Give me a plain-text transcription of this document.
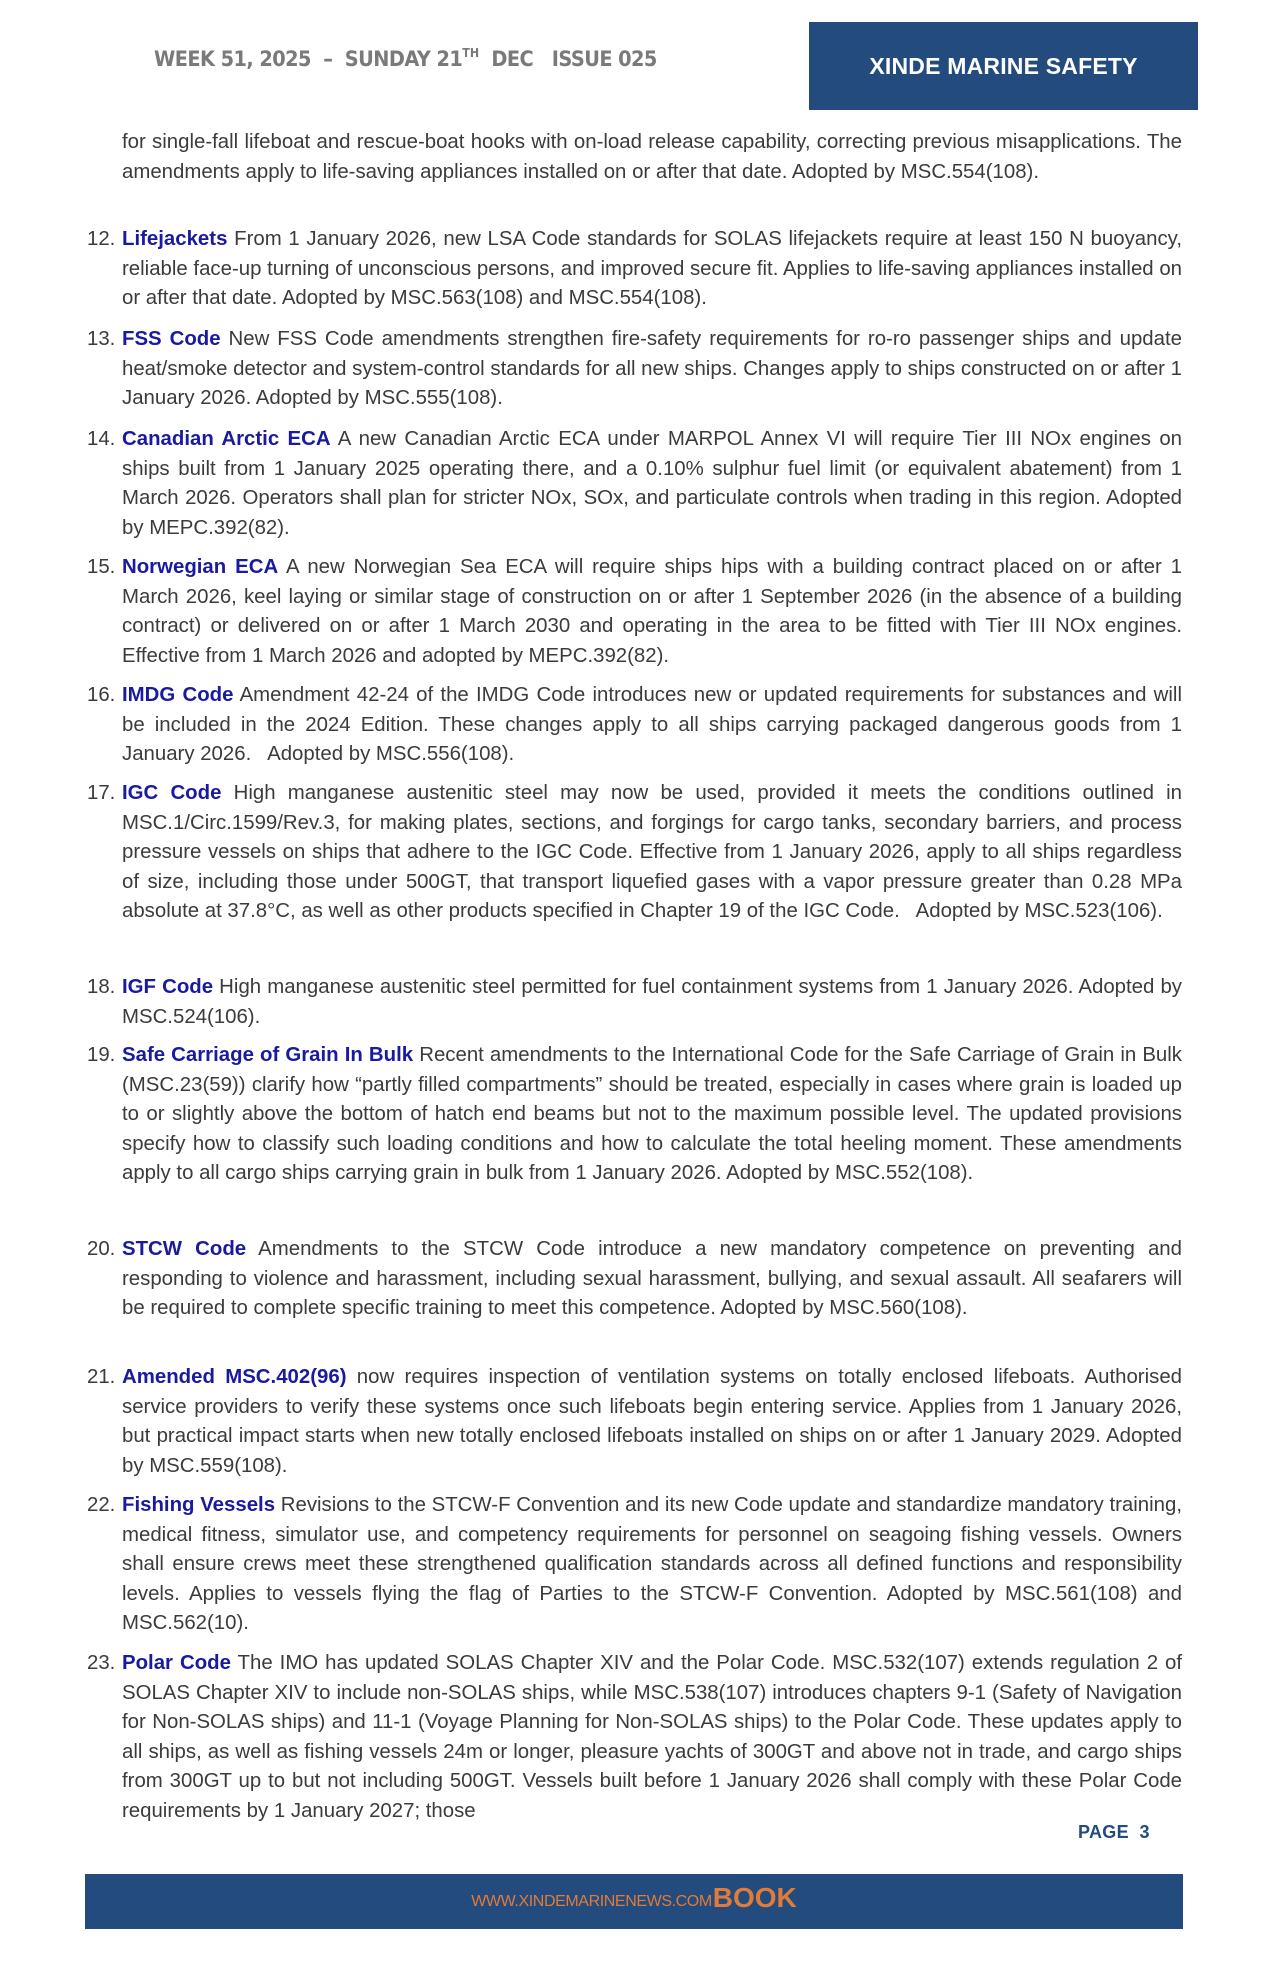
WEEK 51, 2025  –  SUNDAY 21TH  DEC   ISSUE 025	XINDE MARINE SAFETY
for single-fall lifeboat and rescue-boat hooks with on-load release capability, correcting previous misapplications. The amendments apply to life-saving appliances installed on or after that date. Adopted by MSC.554(108).
12. Lifejackets From 1 January 2026, new LSA Code standards for SOLAS lifejackets require at least 150 N buoyancy, reliable face-up turning of unconscious persons, and improved secure fit. Applies to life-saving appliances installed on or after that date. Adopted by MSC.563(108) and MSC.554(108).
13. FSS Code New FSS Code amendments strengthen fire-safety requirements for ro-ro passenger ships and update heat/smoke detector and system-control standards for all new ships. Changes apply to ships constructed on or after 1 January 2026. Adopted by MSC.555(108).
14. Canadian Arctic ECA A new Canadian Arctic ECA under MARPOL Annex VI will require Tier III NOx engines on ships built from 1 January 2025 operating there, and a 0.10% sulphur fuel limit (or equivalent abatement) from 1 March 2026. Operators shall plan for stricter NOx, SOx, and particulate controls when trading in this region. Adopted by MEPC.392(82).
15. Norwegian ECA A new Norwegian Sea ECA will require ships hips with a building contract placed on or after 1 March 2026, keel laying or similar stage of construction on or after 1 September 2026 (in the absence of a building contract) or delivered on or after 1 March 2030 and operating in the area to be fitted with Tier III NOx engines. Effective from 1 March 2026 and adopted by MEPC.392(82).
16. IMDG Code Amendment 42-24 of the IMDG Code introduces new or updated requirements for substances and will be included in the 2024 Edition. These changes apply to all ships carrying packaged dangerous goods from 1 January 2026.   Adopted by MSC.556(108).
17. IGC Code High manganese austenitic steel may now be used, provided it meets the conditions outlined in MSC.1/Circ.1599/Rev.3, for making plates, sections, and forgings for cargo tanks, secondary barriers, and process pressure vessels on ships that adhere to the IGC Code. Effective from 1 January 2026, apply to all ships regardless of size, including those under 500GT, that transport liquefied gases with a vapor pressure greater than 0.28 MPa absolute at 37.8°C, as well as other products specified in Chapter 19 of the IGC Code.   Adopted by MSC.523(106).
18. IGF Code High manganese austenitic steel permitted for fuel containment systems from 1 January 2026. Adopted by MSC.524(106).
19. Safe Carriage of Grain In Bulk Recent amendments to the International Code for the Safe Carriage of Grain in Bulk (MSC.23(59)) clarify how “partly filled compartments” should be treated, especially in cases where grain is loaded up to or slightly above the bottom of hatch end beams but not to the maximum possible level. The updated provisions specify how to classify such loading conditions and how to calculate the total heeling moment. These amendments apply to all cargo ships carrying grain in bulk from 1 January 2026. Adopted by MSC.552(108).
20. STCW Code Amendments to the STCW Code introduce a new mandatory competence on preventing and responding to violence and harassment, including sexual harassment, bullying, and sexual assault. All seafarers will be required to complete specific training to meet this competence. Adopted by MSC.560(108).
21. Amended MSC.402(96) now requires inspection of ventilation systems on totally enclosed lifeboats. Authorised service providers to verify these systems once such lifeboats begin entering service. Applies from 1 January 2026, but practical impact starts when new totally enclosed lifeboats installed on ships on or after 1 January 2029. Adopted by MSC.559(108).
22. Fishing Vessels Revisions to the STCW-F Convention and its new Code update and standardize mandatory training, medical fitness, simulator use, and competency requirements for personnel on seagoing fishing vessels. Owners shall ensure crews meet these strengthened qualification standards across all defined functions and responsibility levels. Applies to vessels flying the flag of Parties to the STCW-F Convention. Adopted by MSC.561(108) and MSC.562(10).
23. Polar Code The IMO has updated SOLAS Chapter XIV and the Polar Code. MSC.532(107) extends regulation 2 of SOLAS Chapter XIV to include non-SOLAS ships, while MSC.538(107) introduces chapters 9-1 (Safety of Navigation for Non-SOLAS ships) and 11-1 (Voyage Planning for Non-SOLAS ships) to the Polar Code. These updates apply to all ships, as well as fishing vessels 24m or longer, pleasure yachts of 300GT and above not in trade, and cargo ships from 300GT up to but not including 500GT. Vessels built before 1 January 2026 shall comply with these Polar Code requirements by 1 January 2027; those
PAGE  3
WWW.XINDEMARINENEWS.COM BOOK
